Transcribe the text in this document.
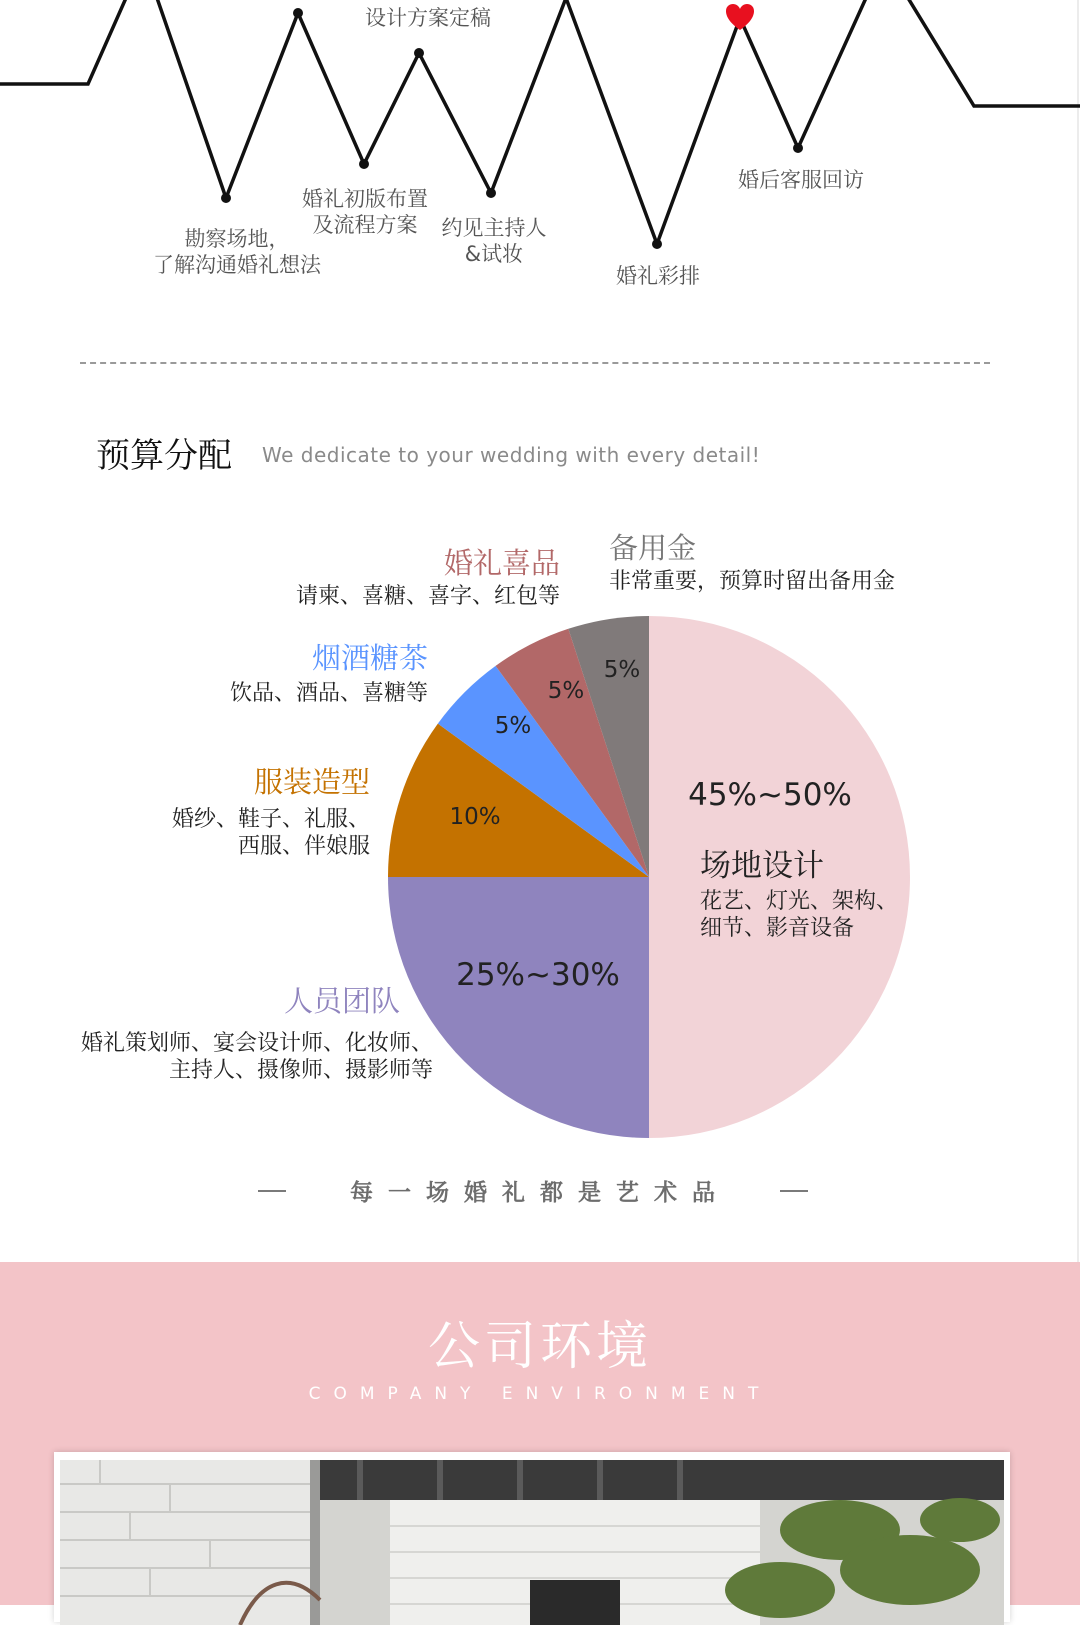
勘察场地，
了解沟通婚礼想法
设计方案定稿
婚礼初版布置
及流程方案	约见主持人
&试妆
婚礼彩排
婚后客服回访
预算分配 We dedicate to your wedding with every detail!
45%~50%
25%~30%
10%
5%
5%
5%
场地设计
花艺、灯光、架构、
细节、影音设备
人员团队
婚礼策划师、宴会设计师、化妆师、
主持人、摄像师、摄影师等
服装造型
婚纱、鞋子、礼服、
西服、伴娘服
烟酒糖茶
饮品、酒品、喜糖等
婚礼喜品
请柬、喜糖、喜字、红包等
备用金
非常重要，预算时留出备用金
每一场婚礼都是艺术品
公司环境
COMPANY ENVIRONMENT
